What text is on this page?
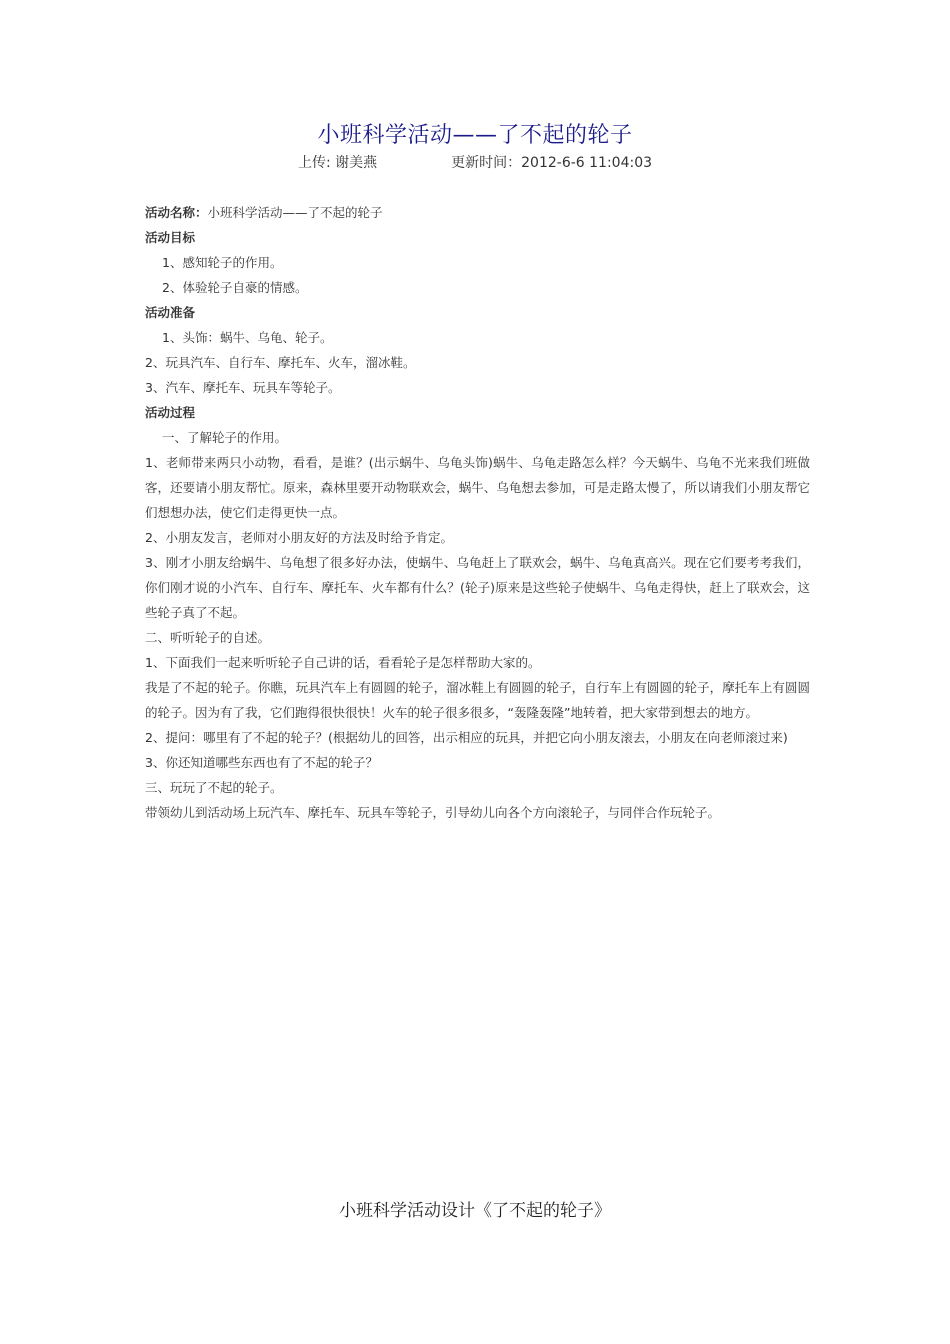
小班科学活动——了不起的轮子
上传: 谢美燕	更新时间：2012-6-6 11:04:03

活动名称：小班科学活动——了不起的轮子

活动目标

1、感知轮子的作用。

2、体验轮子自豪的情感。

活动准备

1、头饰：蜗牛、乌龟、轮子。

2、玩具汽车、自行车、摩托车、火车，溜冰鞋。

3、汽车、摩托车、玩具车等轮子。

活动过程

一、了解轮子的作用。

1、老师带来两只小动物，看看，是谁？(出示蜗牛、乌龟头饰)蜗牛、乌龟走路怎么样？今天蜗牛、乌龟不光来我们班做客，还要请小朋友帮忙。原来，森林里要开动物联欢会，蜗牛、乌龟想去参加，可是走路太慢了，所以请我们小朋友帮它们想想办法，使它们走得更快一点。

2、小朋友发言，老师对小朋友好的方法及时给予肯定。

3、刚才小朋友给蜗牛、乌龟想了很多好办法，使蜗牛、乌龟赶上了联欢会，蜗牛、乌龟真高兴。现在它们要考考我们，你们刚才说的小汽车、自行车、摩托车、火车都有什么？(轮子)原来是这些轮子使蜗牛、乌龟走得快，赶上了联欢会，这些轮子真了不起。

二、听听轮子的自述。

1、下面我们一起来听听轮子自己讲的话，看看轮子是怎样帮助大家的。

我是了不起的轮子。你瞧，玩具汽车上有圆圆的轮子，溜冰鞋上有圆圆的轮子，自行车上有圆圆的轮子，摩托车上有圆圆的轮子。因为有了我，它们跑得很快很快！火车的轮子很多很多，“轰隆轰隆”地转着，把大家带到想去的地方。

2、提问：哪里有了不起的轮子？(根据幼儿的回答，出示相应的玩具，并把它向小朋友滚去，小朋友在向老师滚过来)

3、你还知道哪些东西也有了不起的轮子？

三、玩玩了不起的轮子。

带领幼儿到活动场上玩汽车、摩托车、玩具车等轮子，引导幼儿向各个方向滚轮子，与同伴合作玩轮子。

小班科学活动设计《了不起的轮子》
